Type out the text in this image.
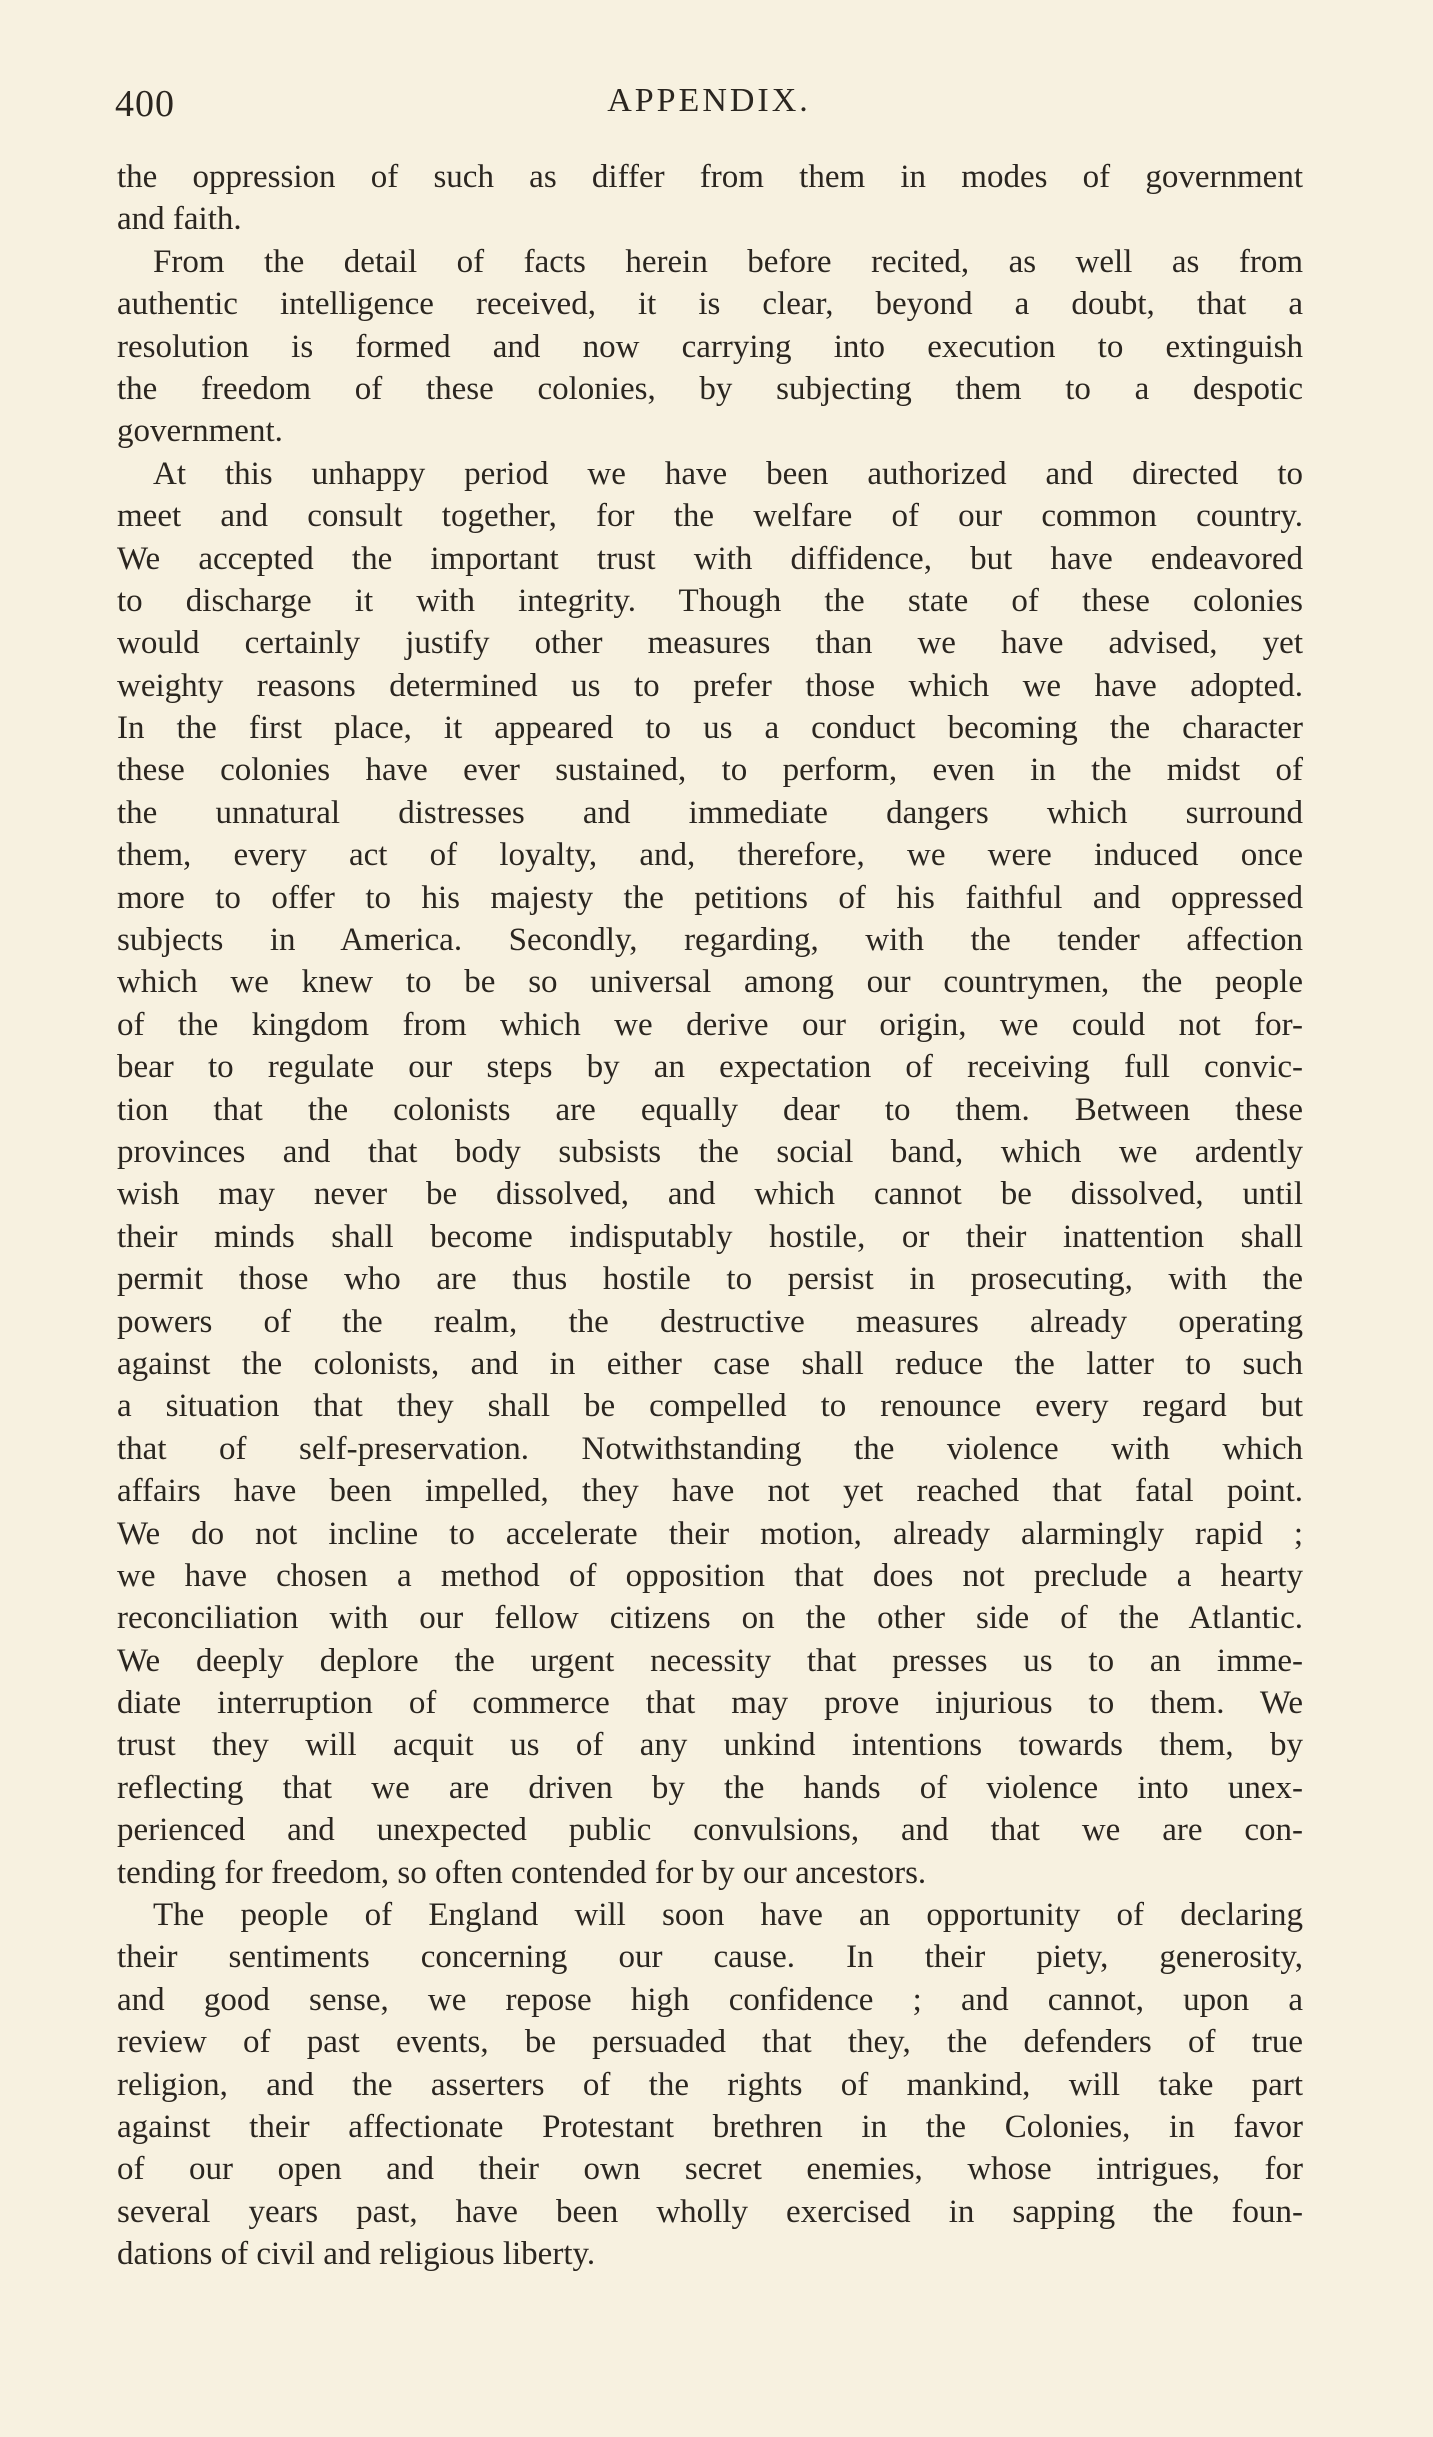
400	APPENDIX.
the oppression of such as differ from them in modes of government
and faith.
From the detail of facts herein before recited, as well as from
authentic intelligence received, it is clear, beyond a doubt, that a
resolution is formed and now carrying into execution to extinguish
the freedom of these colonies, by subjecting them to a despotic
government.
At this unhappy period we have been authorized and directed to
meet and consult together, for the welfare of our common country.
We accepted the important trust with diffidence, but have endeavored
to discharge it with integrity. Though the state of these colonies
would certainly justify other measures than we have advised, yet
weighty reasons determined us to prefer those which we have adopted.
In the first place, it appeared to us a conduct becoming the character
these colonies have ever sustained, to perform, even in the midst of
the unnatural distresses and immediate dangers which surround
them, every act of loyalty, and, therefore, we were induced once
more to offer to his majesty the petitions of his faithful and oppressed
subjects in America. Secondly, regarding, with the tender affection
which we knew to be so universal among our countrymen, the people
of the kingdom from which we derive our origin, we could not for-
bear to regulate our steps by an expectation of receiving full convic-
tion that the colonists are equally dear to them. Between these
provinces and that body subsists the social band, which we ardently
wish may never be dissolved, and which cannot be dissolved, until
their minds shall become indisputably hostile, or their inattention shall
permit those who are thus hostile to persist in prosecuting, with the
powers of the realm, the destructive measures already operating
against the colonists, and in either case shall reduce the latter to such
a situation that they shall be compelled to renounce every regard but
that of self-preservation. Notwithstanding the violence with which
affairs have been impelled, they have not yet reached that fatal point.
We do not incline to accelerate their motion, already alarmingly rapid ;
we have chosen a method of opposition that does not preclude a hearty
reconciliation with our fellow citizens on the other side of the Atlantic.
We deeply deplore the urgent necessity that presses us to an imme-
diate interruption of commerce that may prove injurious to them. We
trust they will acquit us of any unkind intentions towards them, by
reflecting that we are driven by the hands of violence into unex-
perienced and unexpected public convulsions, and that we are con-
tending for freedom, so often contended for by our ancestors.
The people of England will soon have an opportunity of declaring
their sentiments concerning our cause. In their piety, generosity,
and good sense, we repose high confidence ; and cannot, upon a
review of past events, be persuaded that they, the defenders of true
religion, and the asserters of the rights of mankind, will take part
against their affectionate Protestant brethren in the Colonies, in favor
of our open and their own secret enemies, whose intrigues, for
several years past, have been wholly exercised in sapping the foun-
dations of civil and religious liberty.
